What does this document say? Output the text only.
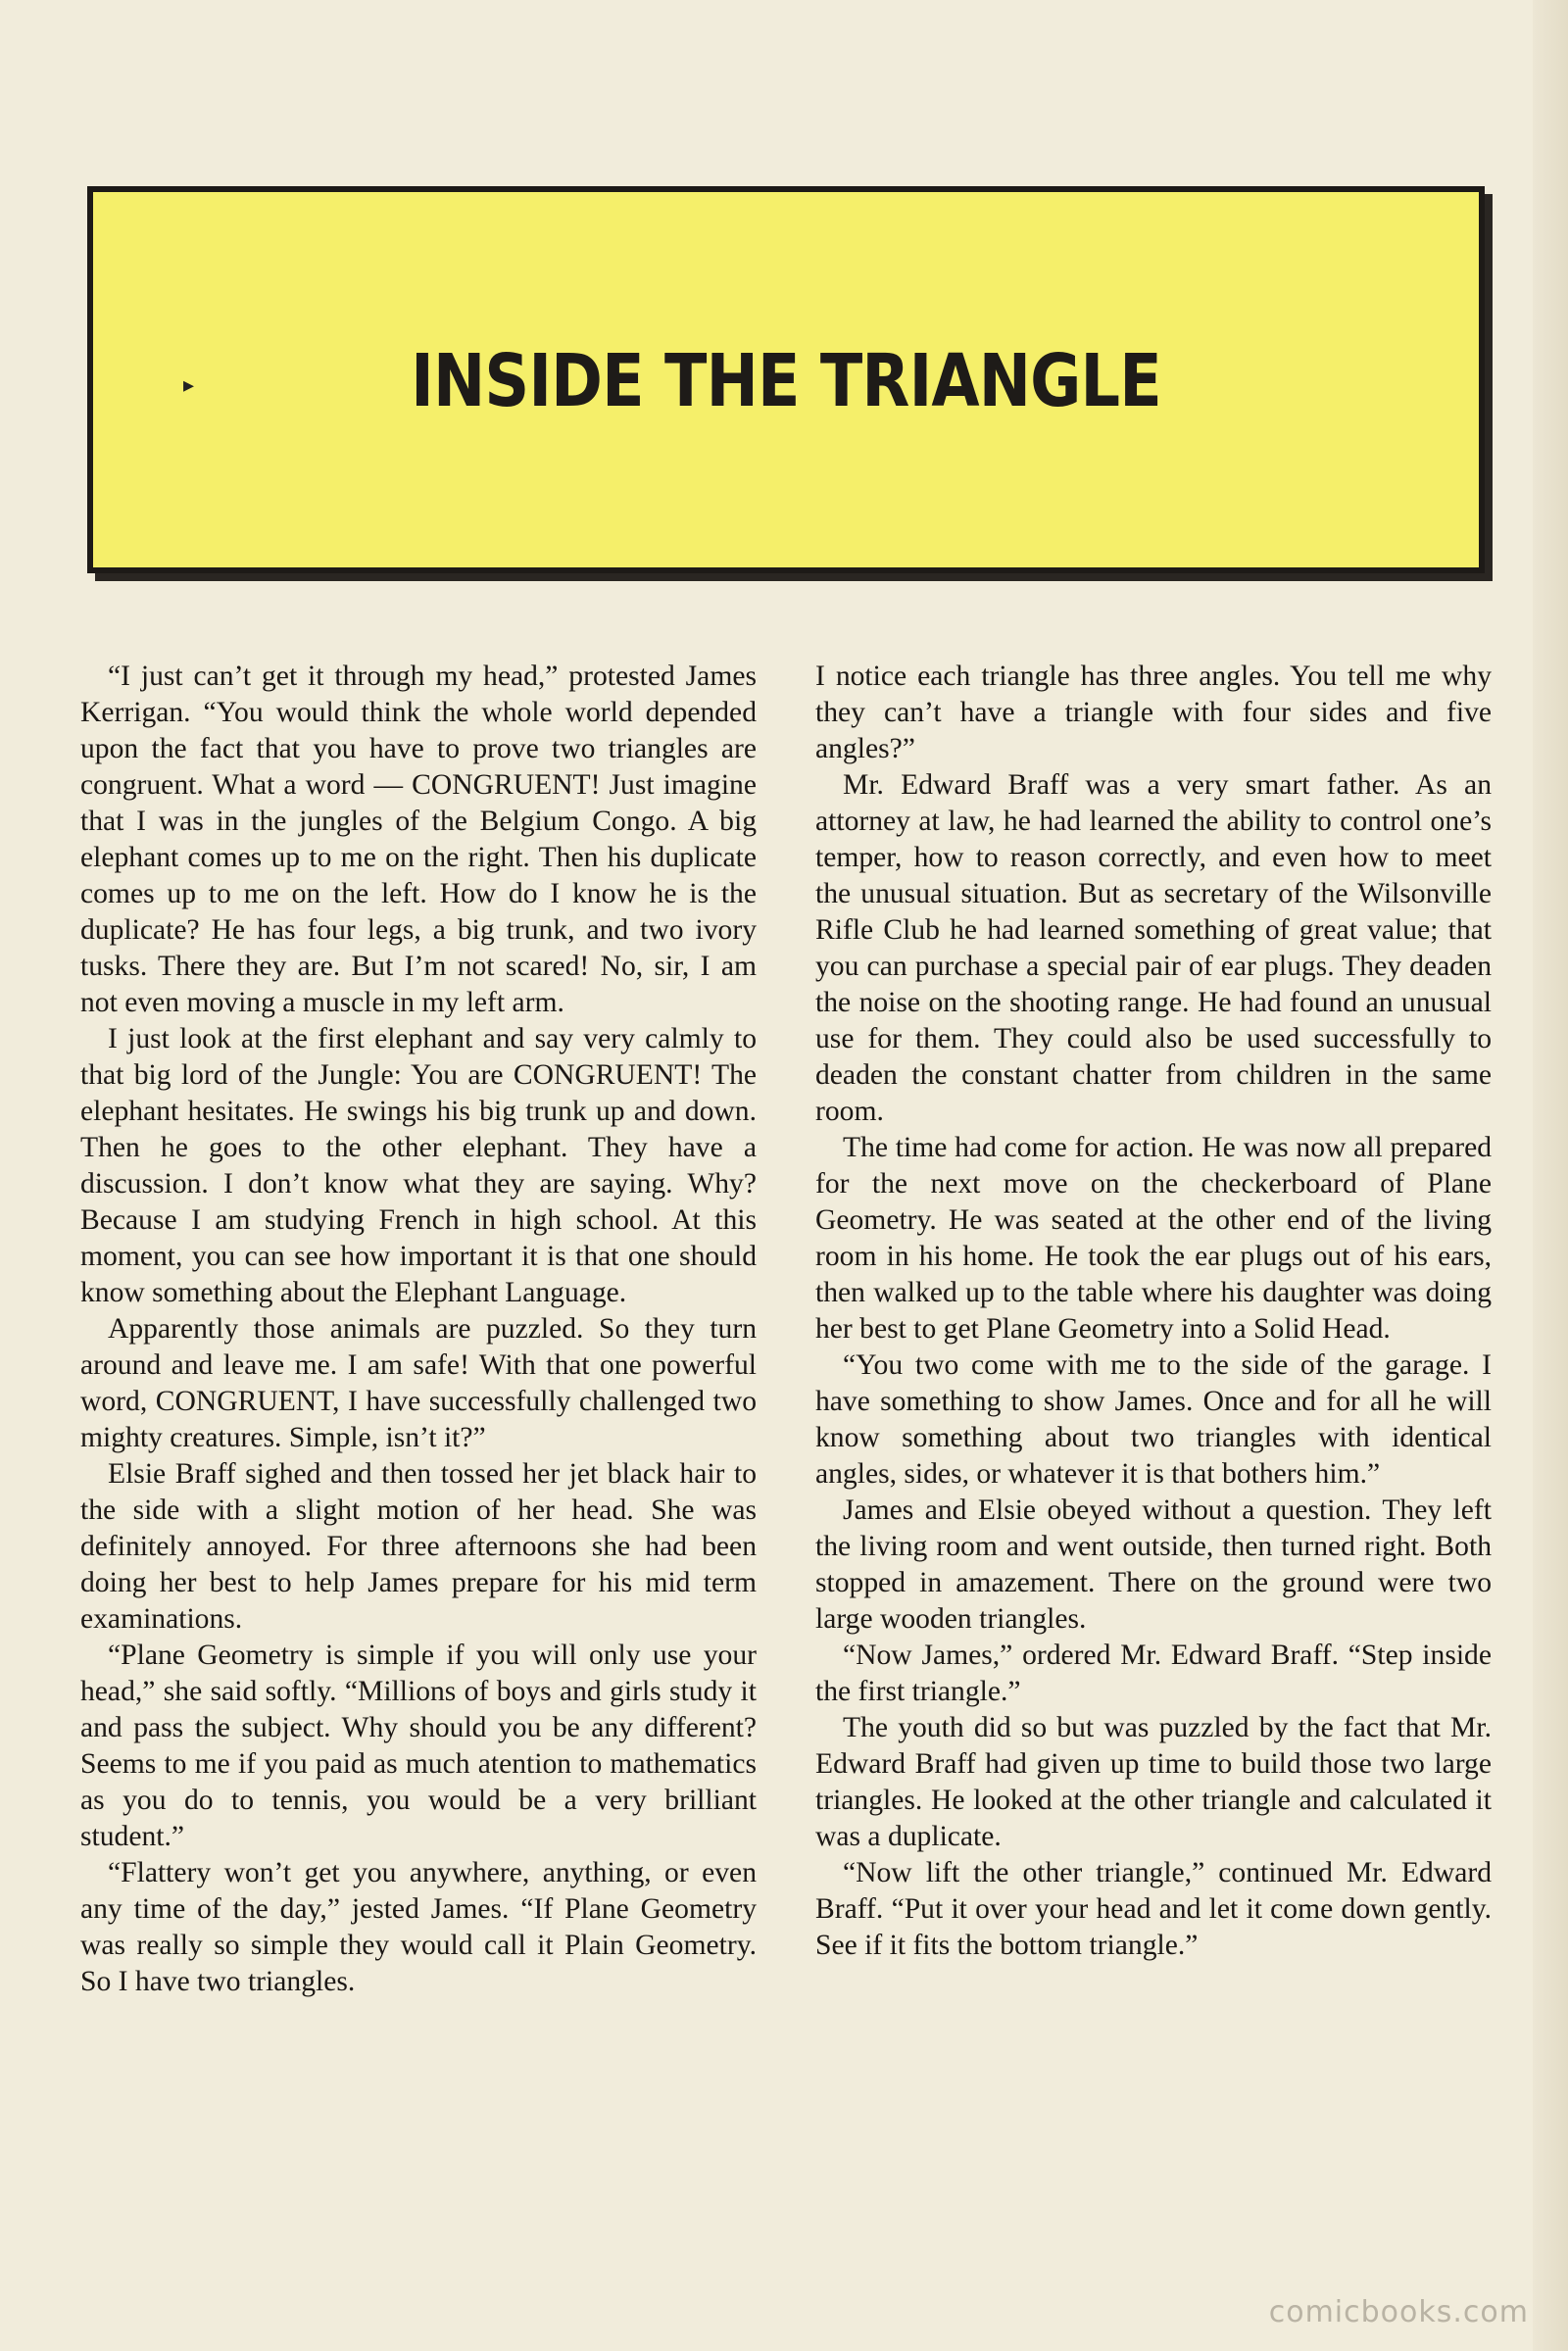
▸	INSIDE THE TRIANGLE

“I just can’t get it through my head,” protested James Kerrigan. “You would think the whole world depended upon the fact that you have to prove two triangles are congruent. What a word — CONGRUENT! Just imagine that I was in the jungles of the Belgium Congo. A big elephant comes up to me on the right. Then his duplicate comes up to me on the left. How do I know he is the duplicate? He has four legs, a big trunk, and two ivory tusks. There they are. But I’m not scared! No, sir, I am not even moving a muscle in my left arm.

I just look at the first elephant and say very calmly to that big lord of the Jungle: You are CONGRUENT! The elephant hesitates. He swings his big trunk up and down. Then he goes to the other elephant. They have a discussion. I don’t know what they are saying. Why? Because I am studying French in high school. At this moment, you can see how important it is that one should know something about the Elephant Language.

Apparently those animals are puzzled. So they turn around and leave me. I am safe! With that one powerful word, CONGRUENT, I have successfully challenged two mighty creatures. Simple, isn’t it?”

Elsie Braff sighed and then tossed her jet black hair to the side with a slight motion of her head. She was definitely annoyed. For three afternoons she had been doing her best to help James prepare for his mid term examinations.

“Plane Geometry is simple if you will only use your head,” she said softly. “Millions of boys and girls study it and pass the subject. Why should you be any different? Seems to me if you paid as much atention to mathematics as you do to tennis, you would be a very brilliant student.”

“Flattery won’t get you anywhere, anything, or even any time of the day,” jested James. “If Plane Geometry was really so simple they would call it Plain Geometry. So I have two triangles.

I notice each triangle has three angles. You tell me why they can’t have a triangle with four sides and five angles?”

Mr. Edward Braff was a very smart father. As an attorney at law, he had learned the ability to control one’s temper, how to reason correctly, and even how to meet the unusual situation. But as secretary of the Wilsonville Rifle Club he had learned something of great value; that you can purchase a special pair of ear plugs. They deaden the noise on the shooting range. He had found an unusual use for them. They could also be used successfully to deaden the constant chatter from children in the same room.

The time had come for action. He was now all prepared for the next move on the checkerboard of Plane Geometry. He was seated at the other end of the living room in his home. He took the ear plugs out of his ears, then walked up to the table where his daughter was doing her best to get Plane Geometry into a Solid Head.

“You two come with me to the side of the garage. I have something to show James. Once and for all he will know something about two triangles with identical angles, sides, or whatever it is that bothers him.”

James and Elsie obeyed without a question. They left the living room and went outside, then turned right. Both stopped in amazement. There on the ground were two large wooden triangles.

“Now James,” ordered Mr. Edward Braff. “Step inside the first triangle.”

The youth did so but was puzzled by the fact that Mr. Edward Braff had given up time to build those two large triangles. He looked at the other triangle and calculated it was a duplicate.

“Now lift the other triangle,” continued Mr. Edward Braff. “Put it over your head and let it come down gently. See if it fits the bottom triangle.”

comicbooks.com
